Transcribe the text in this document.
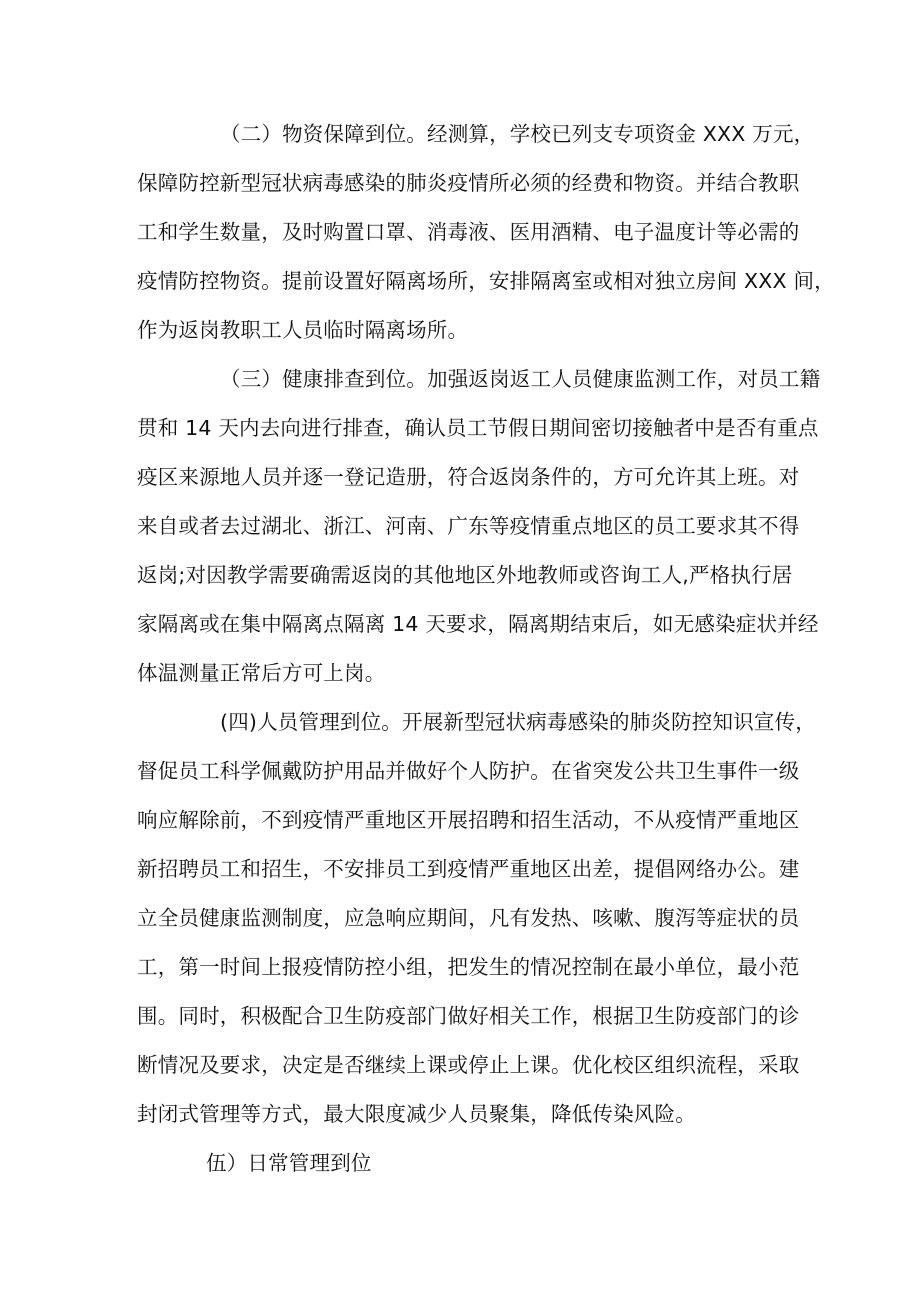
（二）物资保障到位。经测算，学校已列支专项资金 XXX 万元，
保障防控新型冠状病毒感染的肺炎疫情所必须的经费和物资。并结合教职
工和学生数量，及时购置口罩、消毒液、医用酒精、电子温度计等必需的
疫情防控物资。提前设置好隔离场所，安排隔离室或相对独立房间 XXX 间，
作为返岗教职工人员临时隔离场所。
（三）健康排查到位。加强返岗返工人员健康监测工作，对员工籍
贯和 14 天内去向进行排查，确认员工节假日期间密切接触者中是否有重点
疫区来源地人员并逐一登记造册，符合返岗条件的，方可允许其上班。对
来自或者去过湖北、浙江、河南、广东等疫情重点地区的员工要求其不得
返岗;对因教学需要确需返岗的其他地区外地教师或咨询工人,严格执行居
家隔离或在集中隔离点隔离 14 天要求，隔离期结束后，如无感染症状并经
体温测量正常后方可上岗。
(四)人员管理到位。开展新型冠状病毒感染的肺炎防控知识宣传，
督促员工科学佩戴防护用品并做好个人防护。在省突发公共卫生事件一级
响应解除前，不到疫情严重地区开展招聘和招生活动，不从疫情严重地区
新招聘员工和招生，不安排员工到疫情严重地区出差，提倡网络办公。建
立全员健康监测制度，应急响应期间，凡有发热、咳嗽、腹泻等症状的员
工，第一时间上报疫情防控小组，把发生的情况控制在最小单位，最小范
围。同时，积极配合卫生防疫部门做好相关工作，根据卫生防疫部门的诊
断情况及要求，决定是否继续上课或停止上课。优化校区组织流程，采取
封闭式管理等方式，最大限度减少人员聚集，降低传染风险。
伍）日常管理到位
